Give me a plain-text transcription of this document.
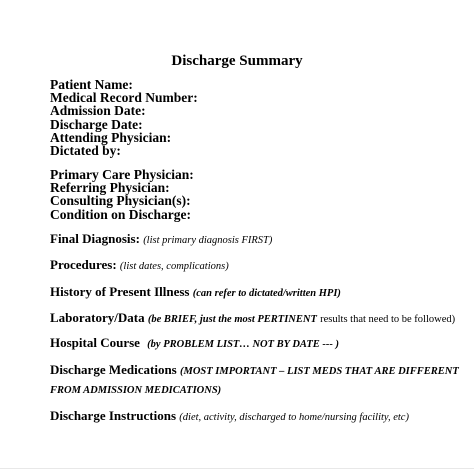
Discharge Summary
Patient Name:
Medical Record Number:
Admission Date:
Discharge Date:
Attending Physician:
Dictated by:
Primary Care Physician:
Referring Physician:
Consulting Physician(s):
Condition on Discharge:
Final Diagnosis: (list primary diagnosis FIRST)
Procedures: (list dates, complications)
History of Present Illness (can refer to dictated/written HPI)
Laboratory/Data (be BRIEF, just the most PERTINENT results that need to be followed)
Hospital Course (by PROBLEM LIST… NOT BY DATE --- )
Discharge Medications (MOST IMPORTANT – LIST MEDS THAT ARE DIFFERENT
FROM ADMISSION MEDICATIONS)
Discharge Instructions (diet, activity, discharged to home/nursing facility, etc)
